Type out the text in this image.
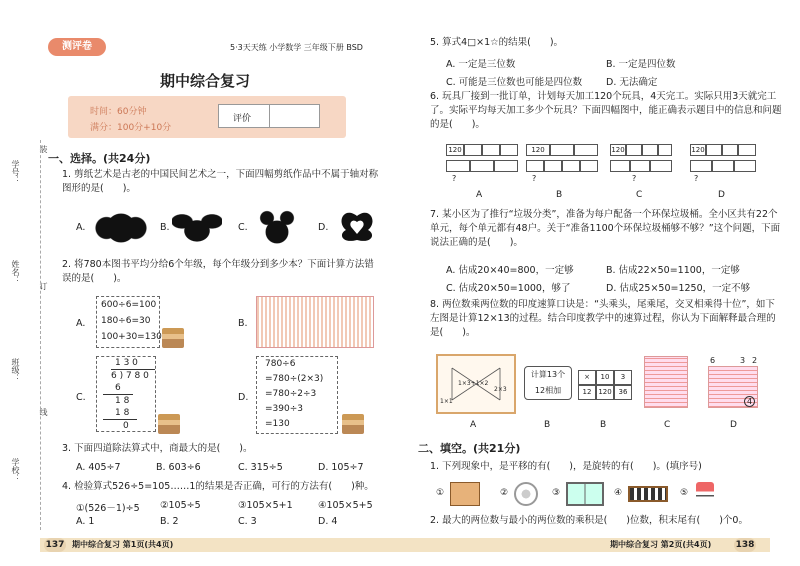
测评卷	5·3天天练 小学数学 三年级下册 BSD
期中综合复习
时间：60分钟
满分：100分+10分
评价
学号：
姓名：
班级：
学校：
装
订
线
一、选择。(共24分)
1. 剪纸艺术是古老的中国民间艺术之一，下面四幅剪纸作品中不属于轴对称图形的是(　　)。
A.	B.	C.	D.
2. 将780本图书平均分给6个年级，每个年级分到多少本？下面计算方法错误的是(　　)。
A.
600÷6=100
180÷6=30
100+30=130
B.
C.
1 3 0
6 ) 7 8 0
6
1 8
1 8
0
D.
780÷6
=780÷(2×3)
=780÷2÷3
=390÷3
=130
3. 下面四道除法算式中，商最大的是(　　)。
A. 405÷7	B. 603÷6	C. 315÷5	D. 105÷7
4. 检验算式526÷5=105……1的结果是否正确，可行的方法有(　　)种。
①(526－1)÷5 ②105÷5	③105×5+1	④105×5+5
A. 1	B. 2	C. 3	D. 4
137 期中综合复习 第1页(共4页)
5. 算式4□×1☆的结果(　　)。
A. 一定是三位数	B. 一定是四位数
C. 可能是三位数也可能是四位数	D. 无法确定
6. 玩具厂接到一批订单，计划每天加工120个玩具，4天完工。实际只用3天就完工了。实际平均每天加工多少个玩具？下面四幅图中，能正确表示题目中的信息和问题的是(　　)。
120
?
A
120
?
B
120
?
C
120
?
D
7. 某小区为了推行“垃圾分类”，准备为每户配备一个环保垃圾桶。全小区共有22个单元，每个单元都有48户。关于“准备1100个环保垃圾桶够不够？”这个问题，下面说法正确的是(　　)。
A. 估成20×40=800，一定够	B. 估成22×50=1100，一定够
C. 估成20×50=1000，够了	D. 估成25×50=1250，一定不够
8. 两位数乘两位数的印度速算口诀是：“头乘头，尾乘尾，交叉相乘得十位”，如下左图是计算12×13的过程。结合印度教学中的速算过程，你认为下面解释最合理的是(　　)。
1×1
2×3
1×3+1×2
A
计算13个
12相加
B
×	10	3
12 120 36
B	C
6	3 2
4
D
二、填空。(共21分)
1. 下列现象中，是平移的有(　　)，是旋转的有(　　)。(填序号)
①	②	③	④	⑤
2. 最大的两位数与最小的两位数的乘积是(　　)位数，积末尾有(　　)个0。
期中综合复习 第2页(共4页)	138
